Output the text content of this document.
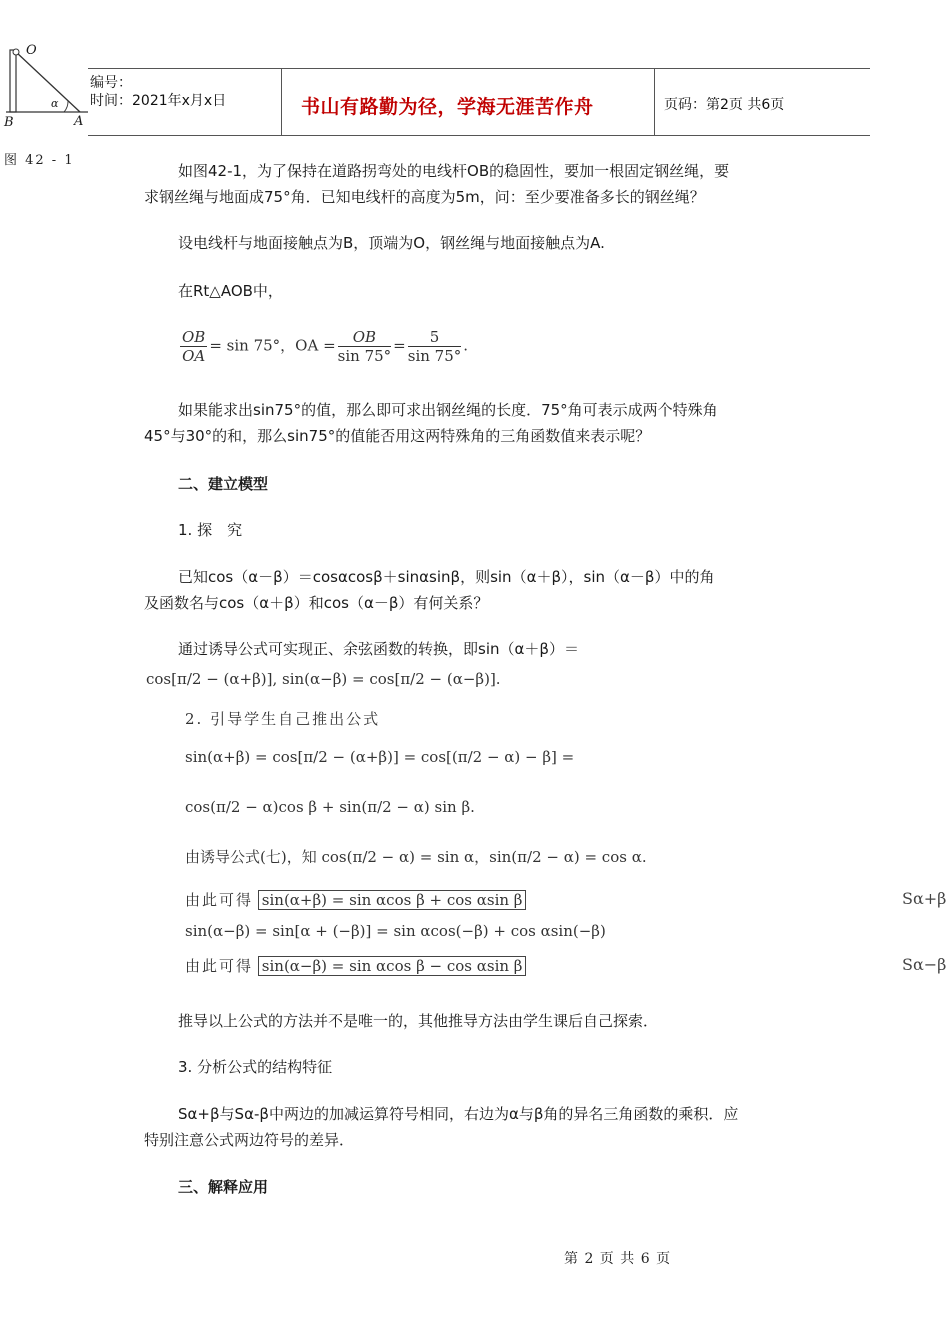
O
B	A
α
图 42 - 1
编号：
时间：2021年x月x日	书山有路勤为径，学海无涯苦作舟	页码：第2页 共6页

如图42-1，为了保持在道路拐弯处的电线杆OB的稳固性，要加一根固定钢丝绳，要

求钢丝绳与地面成75°角．已知电线杆的高度为5m，问：至少要准备多长的钢丝绳？

设电线杆与地面接触点为B，顶端为O，钢丝绳与地面接触点为A.

在Rt△AOB中，

$\frac{OB}{OA} = \sin 75^\circ$，OA = $\frac{OB}{\sin 75^\circ} = \frac{5}{\sin 75^\circ}$ .

如果能求出sin75°的值，那么即可求出钢丝绳的长度．75°角可表示成两个特殊角

45°与30°的和，那么sin75°的值能否用这两特殊角的三角函数值来表示呢？

二、建立模型

1. 探　究

已知cos（α－β）＝cosαcosβ＋sinαsinβ，则sin（α＋β），sin（α－β）中的角

及函数名与cos（α＋β）和cos（α－β）有何关系？

通过诱导公式可实现正、余弦函数的转换，即sin（α＋β）＝

cos[π/2 − (α+β)], sin(α−β) = cos[π/2 − (α−β)].
2. 引导学生自己推出公式
sin(α+β) = cos[π/2 − (α+β)] = cos[(π/2 − α) − β] =
cos(π/2 − α)cos β + sin(π/2 − α) sin β.
由诱导公式(七)，知 cos(π/2 − α) = sin α，sin(π/2 − α) = cos α.
由此可得 sin(α+β) = sin αcos β + cos αsin β	Sα+β
sin(α−β) = sin[α + (−β)] = sin αcos(−β) + cos αsin(−β)
由此可得 sin(α−β) = sin αcos β − cos αsin β	Sα−β

推导以上公式的方法并不是唯一的，其他推导方法由学生课后自己探索．

3. 分析公式的结构特征

Sα+β与Sα-β中两边的加减运算符号相同，右边为α与β角的异名三角函数的乘积．应

特别注意公式两边符号的差异．

三、解释应用

第 2 页 共 6 页
